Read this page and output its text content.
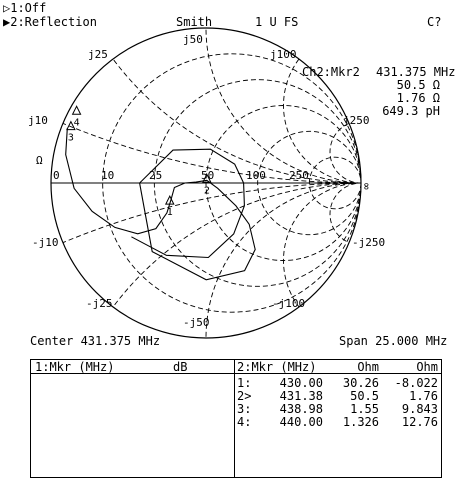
▷1:Off
▶2:Reflection	Smith	1 U FS	C?
0	10	25	50	100 250
∞
Ω
j10
j25
j50
j100
j250
-j10
-j25
-j50
-j100
-j250
1
2
3
4
Ch2:Mkr2 431.375 MHz
50.5 Ω
1.76 Ω
649.3 pH
Center 431.375 MHz	Span 25.000 MHz
1:Mkr (MHz)	dB	2:Mkr (MHz)	Ohm	Ohm
1:	430.00	30.26	-8.022
2>	431.38	50.5	1.76
3:	438.98	1.55	9.843
4:	440.00	1.326	12.76
